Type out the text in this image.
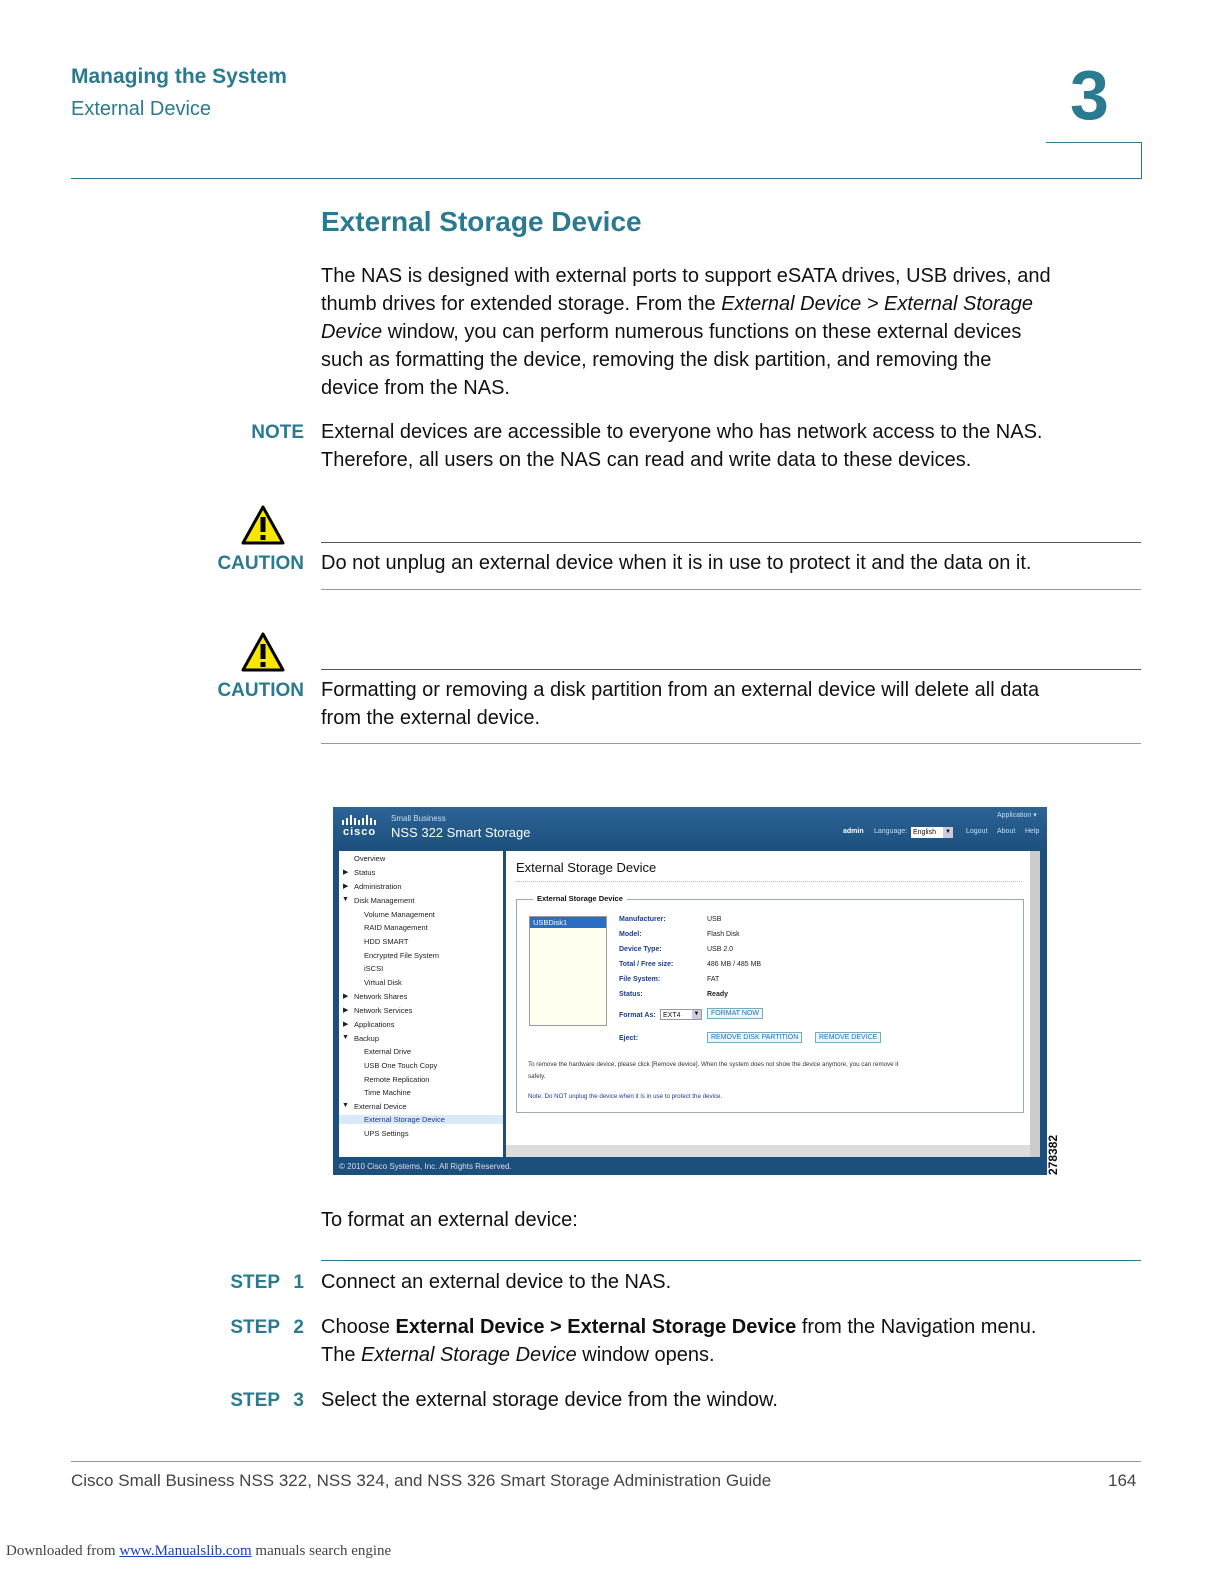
Managing the System
External Device	3
External Storage Device
The NAS is designed with external ports to support eSATA drives, USB drives, and
thumb drives for extended storage. From the External Device > External Storage
Device window, you can perform numerous functions on these external devices
such as formatting the device, removing the disk partition, and removing the
device from the NAS.
NOTE External devices are accessible to everyone who has network access to the NAS.
Therefore, all users on the NAS can read and write data to these devices.
CAUTION Do not unplug an external device when it is in use to protect it and the data on it.
CAUTION Formatting or removing a disk partition from an external device will delete all data
from the external device.
cisco
Small Business
NSS 322 Smart Storage
Application ▾
admin Language: English	▼ Logout About Help
Overview
▶ Status
▶ Administration
▼ Disk Management
Volume Management
RAID Management
HDD SMART
Encrypted File System
iSCSI
Virtual Disk
▶ Network Shares
▶ Network Services
▶ Applications
▼ Backup
External Drive
USB One Touch Copy
Remote Replication
Time Machine
▼ External Device
External Storage Device
UPS Settings
External Storage Device
External Storage Device
USBDisk1	Manufacturer:	USB
Model:	Flash Disk
Device Type:	USB 2.0
Total / Free size:	486 MB / 485 MB
File System:	FAT
Status:	Ready
Format As:	EXT4 ▼	FORMAT NOW
Eject:	REMOVE DISK PARTITION	REMOVE DEVICE
To remove the hardware device, please click [Remove device]. When the system does not show the device anymore, you can remove it
safely.
Note: Do NOT unplug the device when it is in use to protect the device.
© 2010 Cisco Systems, Inc. All Rights Reserved.	278382
To format an external device:
STEP 1 Connect an external device to the NAS.
STEP 2 Choose External Device > External Storage Device from the Navigation menu.
The External Storage Device window opens.
STEP 3 Select the external storage device from the window.
Cisco Small Business NSS 322, NSS 324, and NSS 326 Smart Storage Administration Guide	164
Downloaded from www.Manualslib.com manuals search engine
